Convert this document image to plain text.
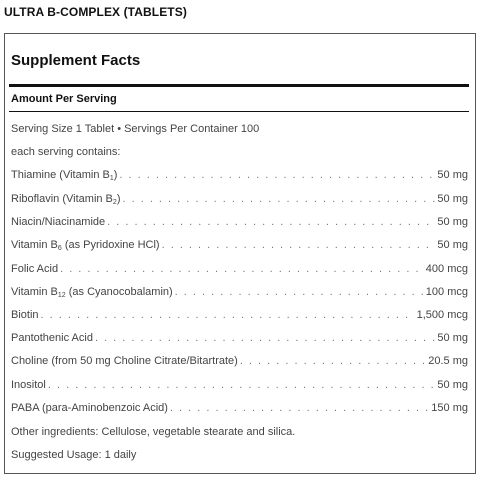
ULTRA B-COMPLEX (TABLETS)
Supplement Facts
Amount Per Serving
Serving Size 1 Tablet • Servings Per Container 100
each serving contains:
Thiamine (Vitamin $B_1$) . . .	50 mg
Riboflavin (Vitamin $B_2$) . . .	50 mg
Niacin/Niacinamide . . .	50 mg
Vitamin $B_6$ (as Pyridoxine HCl) . . .	50 mg
Folic Acid . . .	400 mcg
Vitamin $B_{12}$ (as Cyanocobalamin) . . .	100 mcg
Biotin . . .	1,500 mcg
Pantothenic Acid . . .	50 mg
Choline (from 50 mg Choline Citrate/Bitartrate) . . .	20.5 mg
Inositol . . .	50 mg
PABA (para-Aminobenzoic Acid) . . .	150 mg
Other ingredients: Cellulose, vegetable stearate and silica.
Suggested Usage: 1 daily
